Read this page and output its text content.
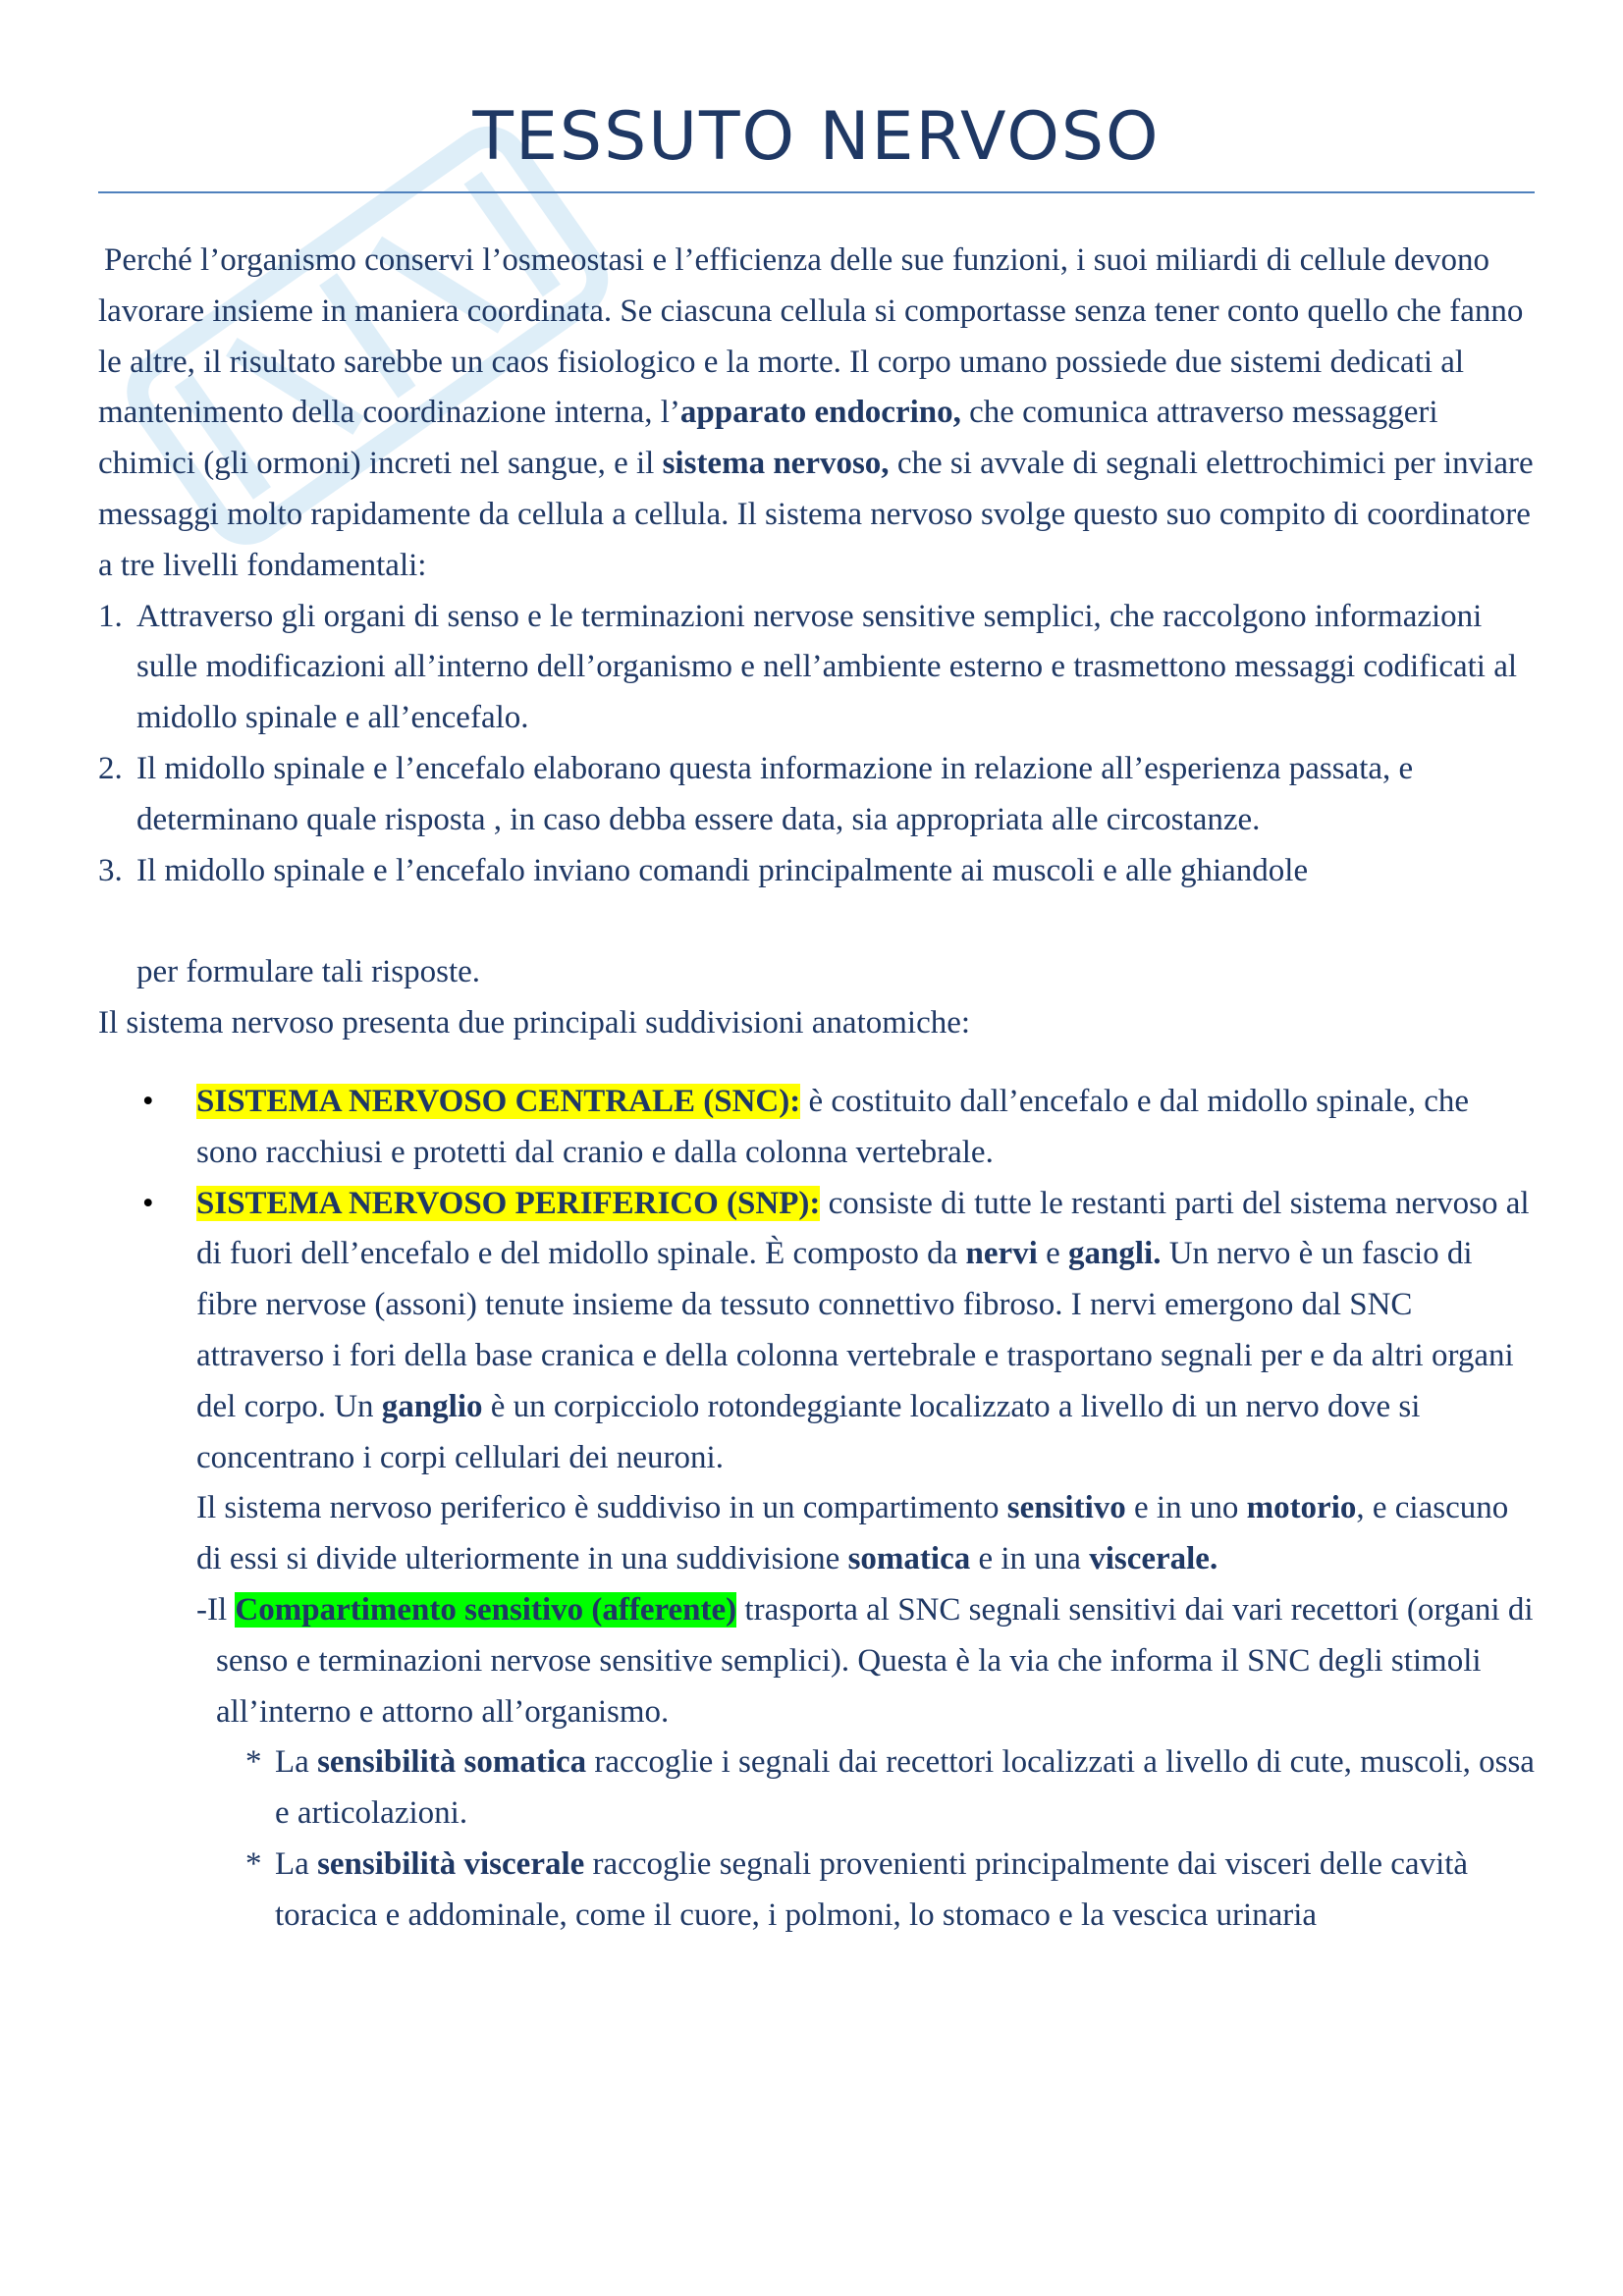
TESSUTO NERVOSO

Perché l’organismo conservi l’osmeostasi e l’efficienza delle sue funzioni, i suoi miliardi di cellule devono lavorare insieme in maniera coordinata. Se ciascuna cellula si comportasse senza tener conto quello che fanno le altre, il risultato sarebbe un caos fisiologico e la morte. Il corpo umano possiede due sistemi dedicati al mantenimento della coordinazione interna, l’apparato endocrino, che comunica attraverso messaggeri chimici (gli ormoni) increti nel sangue, e il sistema nervoso, che si avvale di segnali elettrochimici per inviare messaggi molto rapidamente da cellula a cellula. Il sistema nervoso svolge questo suo compito di coordinatore a tre livelli fondamentali:

1. Attraverso gli organi di senso e le terminazioni nervose sensitive semplici, che raccolgono informazioni sulle modificazioni all’interno dell’organismo e nell’ambiente esterno e trasmettono messaggi codificati al midollo spinale e all’encefalo.
2. Il midollo spinale e l’encefalo elaborano questa informazione in relazione all’esperienza passata, e determinano quale risposta , in caso debba essere data, sia appropriata alle circostanze.
3. Il midollo spinale e l’encefalo inviano comandi principalmente ai muscoli e alle ghiandole
per formulare tali risposte.

Il sistema nervoso presenta due principali suddivisioni anatomiche:

• SISTEMA NERVOSO CENTRALE (SNC): è costituito dall’encefalo e dal midollo spinale, che sono racchiusi e protetti dal cranio e dalla colonna vertebrale.
• SISTEMA NERVOSO PERIFERICO (SNP): consiste di tutte le restanti parti del sistema nervoso al di fuori dell’encefalo e del midollo spinale. È composto da nervi e gangli. Un nervo è un fascio di fibre nervose (assoni) tenute insieme da tessuto connettivo fibroso. I nervi emergono dal SNC attraverso i fori della base cranica e della colonna vertebrale e trasportano segnali per e da altri organi del corpo. Un ganglio è un corpicciolo rotondeggiante localizzato a livello di un nervo dove si concentrano i corpi cellulari dei neuroni.

Il sistema nervoso periferico è suddiviso in un compartimento sensitivo e in uno motorio, e ciascuno di essi si divide ulteriormente in una suddivisione somatica e in una viscerale.

-Il Compartimento sensitivo (afferente) trasporta al SNC segnali sensitivi dai vari recettori (organi di senso e terminazioni nervose sensitive semplici). Questa è la via che informa il SNC degli stimoli all’interno e attorno all’organismo.

* La sensibilità somatica raccoglie i segnali dai recettori localizzati a livello di cute, muscoli, ossa e articolazioni.

* La sensibilità viscerale raccoglie segnali provenienti principalmente dai visceri delle cavità toracica e addominale, come il cuore, i polmoni, lo stomaco e la vescica urinaria
